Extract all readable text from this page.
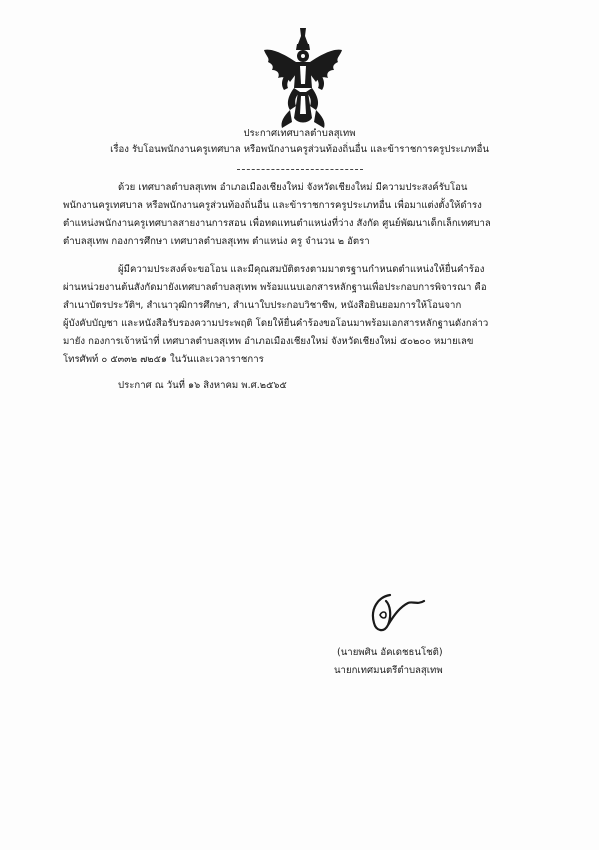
ประกาศเทศบาลตำบลสุเทพ
เรื่อง รับโอนพนักงานครูเทศบาล หรือพนักงานครูส่วนท้องถิ่นอื่น และข้าราชการครูประเภทอื่น
ด้วย เทศบาลตำบลสุเทพ อำเภอเมืองเชียงใหม่ จังหวัดเชียงใหม่ มีความประสงค์รับโอน
พนักงานครูเทศบาล หรือพนักงานครูส่วนท้องถิ่นอื่น และข้าราชการครูประเภทอื่น เพื่อมาแต่งตั้งให้ดำรง
ตำแหน่งพนักงานครูเทศบาลสายงานการสอน เพื่อทดแทนตำแหน่งที่ว่าง สังกัด ศูนย์พัฒนาเด็กเล็กเทศบาล
ตำบลสุเทพ กองการศึกษา เทศบาลตำบลสุเทพ ตำแหน่ง ครู จำนวน ๒ อัตรา
ผู้มีความประสงค์จะขอโอน และมีคุณสมบัติตรงตามมาตรฐานกำหนดตำแหน่งให้ยื่นคำร้อง
ผ่านหน่วยงานต้นสังกัดมายังเทศบาลตำบลสุเทพ พร้อมแนบเอกสารหลักฐานเพื่อประกอบการพิจารณา คือ
สำเนาบัตรประวัติฯ, สำเนาวุฒิการศึกษา, สำเนาใบประกอบวิชาชีพ, หนังสือยินยอมการให้โอนจาก
ผู้บังคับบัญชา และหนังสือรับรองความประพฤติ โดยให้ยื่นคำร้องขอโอนมาพร้อมเอกสารหลักฐานดังกล่าว
มายัง กองการเจ้าหน้าที่ เทศบาลตำบลสุเทพ อำเภอเมืองเชียงใหม่ จังหวัดเชียงใหม่ ๕๐๒๐๐ หมายเลข
โทรศัพท์ ๐ ๕๓๓๒ ๗๒๕๑ ในวันและเวลาราชการ
ประกาศ ณ วันที่ ๑๖ สิงหาคม พ.ศ.๒๕๖๕
(นายพศิน อัคเดชธนโชติ)
นายกเทศมนตรีตำบลสุเทพ
